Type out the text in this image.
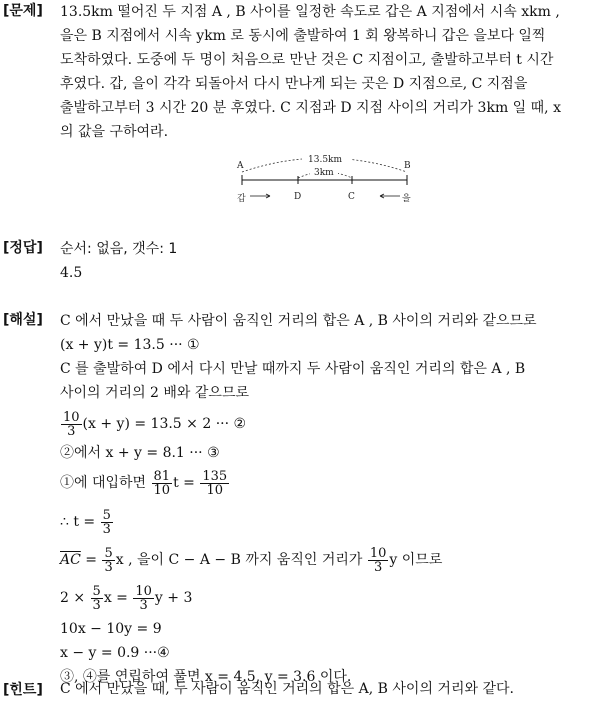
[문제] 13.5km 떨어진 두 지점 A , B 사이를 일정한 속도로 갑은 A 지점에서 시속 xkm ,
을은 B 지점에서 시속 ykm 로 동시에 출발하여 1 회 왕복하니 갑은 을보다 일찍
도착하였다. 도중에 두 명이 처음으로 만난 것은 C 지점이고, 출발하고부터 t 시간
후였다. 갑, 을이 각각 되돌아서 다시 만나게 되는 곳은 D 지점으로, C 지점을
출발하고부터 3 시간 20 분 후였다. C 지점과 D 지점 사이의 거리가 3km 일 때, x
의 값을 구하여라.
13.5km
3km
A	B
D	C
갑	을
[정답] 순서: 없음, 갯수: 1
4.5
[해설] C 에서 만났을 때 두 사람이 움직인 거리의 합은 A , B 사이의 거리와 같으므로
(x + y)t = 13.5 ··· ①
C 를 출발하여 D 에서 다시 만날 때까지 두 사람이 움직인 거리의 합은 A , B
사이의 거리의 2 배와 같으므로
$\frac{10}{3} (x + y) = 13.5 \times 2$ ··· ②
②에서 x + y = 8.1 ··· ③
①에 대입하면 $\frac{81}{10}$ $t = \frac{135}{10}$
∴ $t = \frac{5}{3}$
$\overline{AC} = \frac{5}{3}$ x , 을이 C − A − B 까지 움직인 거리가 $\frac{10}{3}$ y 이므로
$2 \times \frac{5}{3}$ $x = \frac{10}{3}$ y + 3
10x − 10y = 9
x − y = 0.9 ···④
③, ④를 연립하여 풀면 x = 4.5, y = 3.6 이다.
[힌트] C 에서 만났을 때, 두 사람이 움직인 거리의 합은 A, B 사이의 거리와 같다.
